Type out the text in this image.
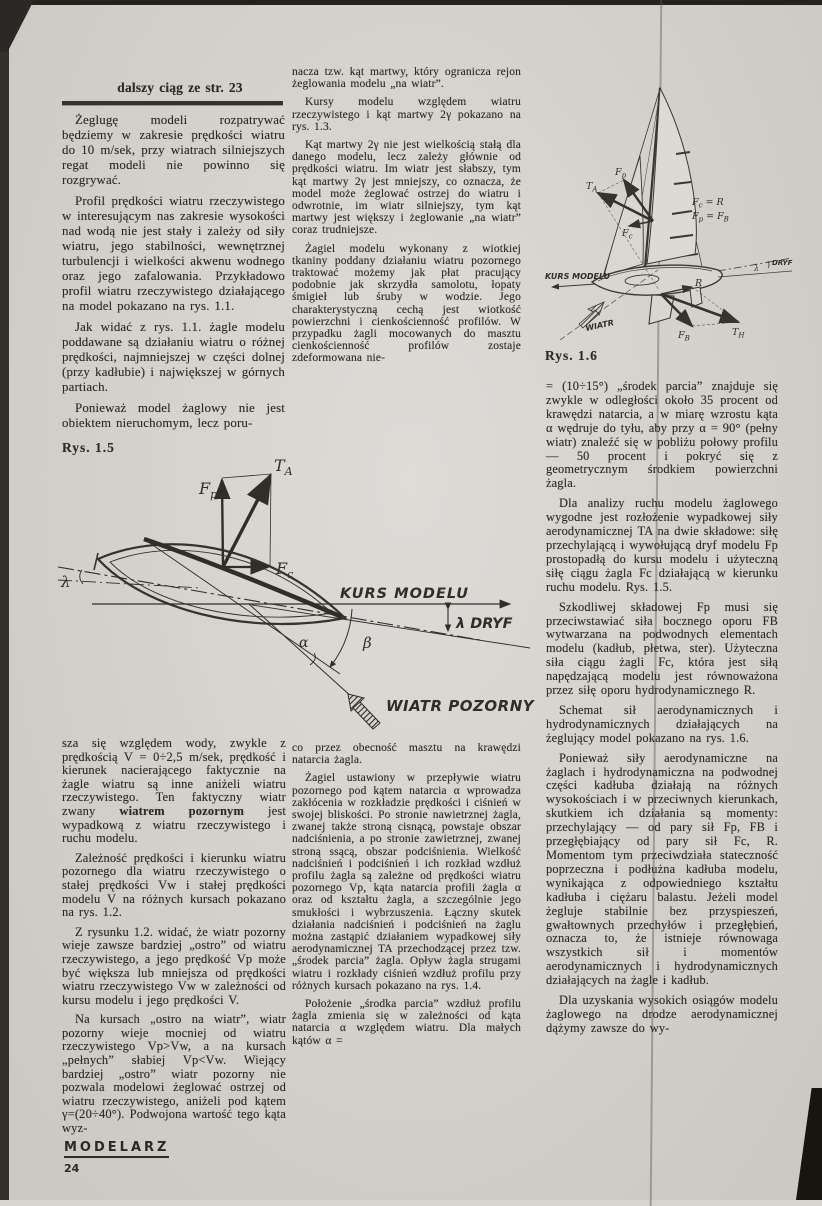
dalszy ciąg ze str. 23

Żeglugę modeli rozpatrywać będziemy w zakresie prędkości wiatru do 10 m/sek, przy wiatrach silniejszych regat modeli nie powinno się rozgrywać.

Profil prędkości wiatru rzeczywistego w interesującym nas zakresie wysokości nad wodą nie jest stały i zależy od siły wiatru, jego stabilności, wewnętrznej turbulencji i wielkości akwenu wodnego oraz jego zafalowania. Przykładowo profil wiatru rzeczywistego działającego na model pokazano na rys. 1.1.

Jak widać z rys. 1.1. żagle modelu poddawane są działaniu wiatru o różnej prędkości, najmniejszej w części dolnej (przy kadłubie) i największej w górnych partiach.

Ponieważ model żaglowy nie jest obiektem nieruchomym, lecz poru-

Rys. 1.5
$F_p$
$T_A$
$F_c$
λ
KURS MODELU
λ DRYF
α	β
WIATR POZORNY

sza się względem wody, zwykle z prędkością V = 0÷2,5 m/sek, prędkość i kierunek nacierającego faktycznie na żagle wiatru są inne aniżeli wiatru rzeczywistego. Ten faktyczny wiatr zwany wiatrem pozornym jest wypadkową z wiatru rzeczywistego i ruchu modelu.

Zależność prędkości i kierunku wiatru pozornego dla wiatru rzeczywistego o stałej prędkości Vw i stałej prędkości modelu V na różnych kursach pokazano na rys. 1.2.

Z rysunku 1.2. widać, że wiatr pozorny wieje zawsze bardziej „ostro” od wiatru rzeczywistego, a jego prędkość Vp może być większa lub mniejsza od prędkości wiatru rzeczywistego Vw w zależności od kursu modelu i jego prędkości V.

Na kursach „ostro na wiatr”, wiatr pozorny wieje mocniej od wiatru rzeczywistego Vp>Vw, a na kursach „pełnych” słabiej Vp<Vw. Wiejący bardziej „ostro” wiatr pozorny nie pozwala modelowi żeglować ostrzej od wiatru rzeczywistego, aniżeli pod kątem γ=(20÷40°). Podwojona wartość tego kąta wyz-

nacza tzw. kąt martwy, który ogranicza rejon żeglowania modelu „na wiatr”.

Kursy modelu względem wiatru rzeczywistego i kąt martwy 2γ pokazano na rys. 1.3.

Kąt martwy 2γ nie jest wielkością stałą dla danego modelu, lecz zależy głównie od prędkości wiatru. Im wiatr jest słabszy, tym kąt martwy 2γ jest mniejszy, co oznacza, że model może żeglować ostrzej do wiatru i odwrotnie, im wiatr silniejszy, tym kąt martwy jest większy i żeglowanie „na wiatr” coraz trudniejsze.

Żagiel modelu wykonany z wiotkiej tkaniny poddany działaniu wiatru pozornego traktować możemy jak płat pracujący podobnie jak skrzydła samolotu, łopaty śmigieł lub śruby w wodzie. Jego charakterystyczną cechą jest wiotkość powierzchni i cienkościenność profilów. W przypadku żagli mocowanych do masztu cienkościenność profilów zostaje zdeformowana nie-

co przez obecność masztu na krawędzi natarcia żagla.

Żagiel ustawiony w przepływie wiatru pozornego pod kątem natarcia α wprowadza zakłócenia w rozkładzie prędkości i ciśnień w swojej bliskości. Po stronie nawietrznej żagla, zwanej także stroną cisnącą, powstaje obszar nadciśnienia, a po stronie zawietrznej, zwanej stroną ssącą, obszar podciśnienia. Wielkość nadciśnień i podciśnień i ich rozkład wzdłuż profilu żagla są zależne od prędkości wiatru pozornego Vp, kąta natarcia profili żagla α oraz od kształtu żagla, a szczególnie jego smukłości i wybrzuszenia. Łączny skutek działania nadciśnień i podciśnień na żaglu można zastąpić działaniem wypadkowej siły aerodynamicznej TA przechodzącej przez tzw. „środek parcia” żagla. Opływ żagla strugami wiatru i rozkłady ciśnień wzdłuż profilu przy różnych kursach pokazano na rys. 1.4.

Położenie „środka parcia” wzdłuż profilu żagla zmienia się w zależności od kąta natarcia α względem wiatru. Dla małych kątów α =

KURS MODELU
λ
DRYF
WIATR
$T_A$
$F_p$
$F_c$
R
$F_B$
$T_H$
$F_c = R$
$F_p = F_B$
Rys. 1.6

= (10÷15°) „środek parcia” znajduje się zwykle w odległości około 35 procent od krawędzi natarcia, a w miarę wzrostu kąta α wędruje do tyłu, aby przy α = 90° (pełny wiatr) znaleźć się w pobliżu połowy profilu — 50 procent i pokryć się z geometrycznym środkiem powierzchni żagla.

Dla analizy ruchu modelu żaglowego wygodne jest rozłożenie wypadkowej siły aerodynamicznej TA na dwie składowe: siłę przechylającą i wywołującą dryf modelu Fp prostopadłą do kursu modelu i użyteczną siłę ciągu żagla Fc działającą w kierunku ruchu modelu. Rys. 1.5.

Szkodliwej składowej Fp musi się przeciwstawiać siła bocznego oporu FB wytwarzana na podwodnych elementach modelu (kadłub, płetwa, ster). Użyteczna siła ciągu żagli Fc, która jest siłą napędzającą modelu jest równoważona przez siłę oporu hydrodynamicznego R.

Schemat sił aerodynamicznych i hydrodynamicznych działających na żeglujący model pokazano na rys. 1.6.

Ponieważ siły aerodynamiczne na żaglach i hydrodynamiczna na podwodnej części kadłuba działają na różnych wysokościach i w przeciwnych kierunkach, skutkiem ich działania są momenty: przechylający — od pary sił Fp, FB i przegłębiający od pary sił Fc, R. Momentom tym przeciwdziała stateczność poprzeczna i podłużna kadłuba modelu, wynikająca z odpowiedniego kształtu kadłuba i ciężaru balastu. Jeżeli model żegluje stabilnie bez przyspieszeń, gwałtownych przechyłów i przegłębień, oznacza to, że istnieje równowaga wszystkich sił i momentów aerodynamicznych i hydrodynamicznych działających na żagle i kadłub.

Dla uzyskania wysokich osiągów modelu żaglowego na drodze aerodynamicznej dążymy zawsze do wy-

MODELARZ
24
